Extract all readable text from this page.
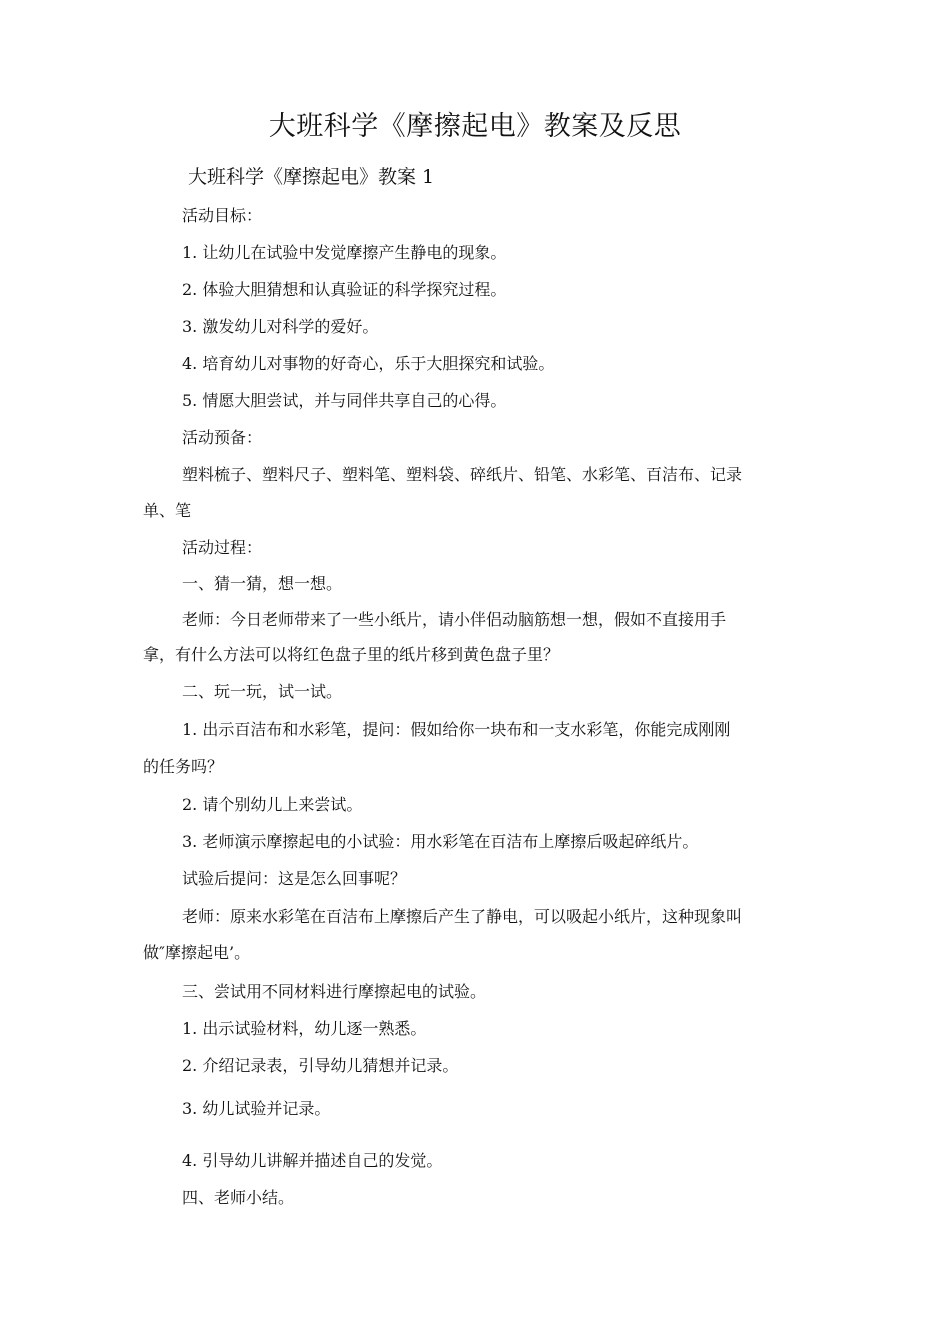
大班科学《摩擦起电》教案及反思
大班科学《摩擦起电》教案 1
活动目标：
1. 让幼儿在试验中发觉摩擦产生静电的现象。
2. 体验大胆猜想和认真验证的科学探究过程。
3. 激发幼儿对科学的爱好。
4. 培育幼儿对事物的好奇心，乐于大胆探究和试验。
5. 情愿大胆尝试，并与同伴共享自己的心得。
活动预备：
塑料梳子、塑料尺子、塑料笔、塑料袋、碎纸片、铅笔、水彩笔、百洁布、记录
单、笔
活动过程：
一、猜一猜，想一想。
老师：今日老师带来了一些小纸片，请小伴侣动脑筋想一想，假如不直接用手
拿，有什么方法可以将红色盘子里的纸片移到黄色盘子里？
二、玩一玩，试一试。
1. 出示百洁布和水彩笔，提问：假如给你一块布和一支水彩笔，你能完成刚刚
的任务吗？
2. 请个别幼儿上来尝试。
3. 老师演示摩擦起电的小试验：用水彩笔在百洁布上摩擦后吸起碎纸片。
试验后提问：这是怎么回事呢？
老师：原来水彩笔在百洁布上摩擦后产生了静电，可以吸起小纸片，这种现象叫
做″摩擦起电’。
三、尝试用不同材料进行摩擦起电的试验。
1. 出示试验材料，幼儿逐一熟悉。
2. 介绍记录表，引导幼儿猜想并记录。
3. 幼儿试验并记录。
4. 引导幼儿讲解并描述自己的发觉。
四、老师小结。
